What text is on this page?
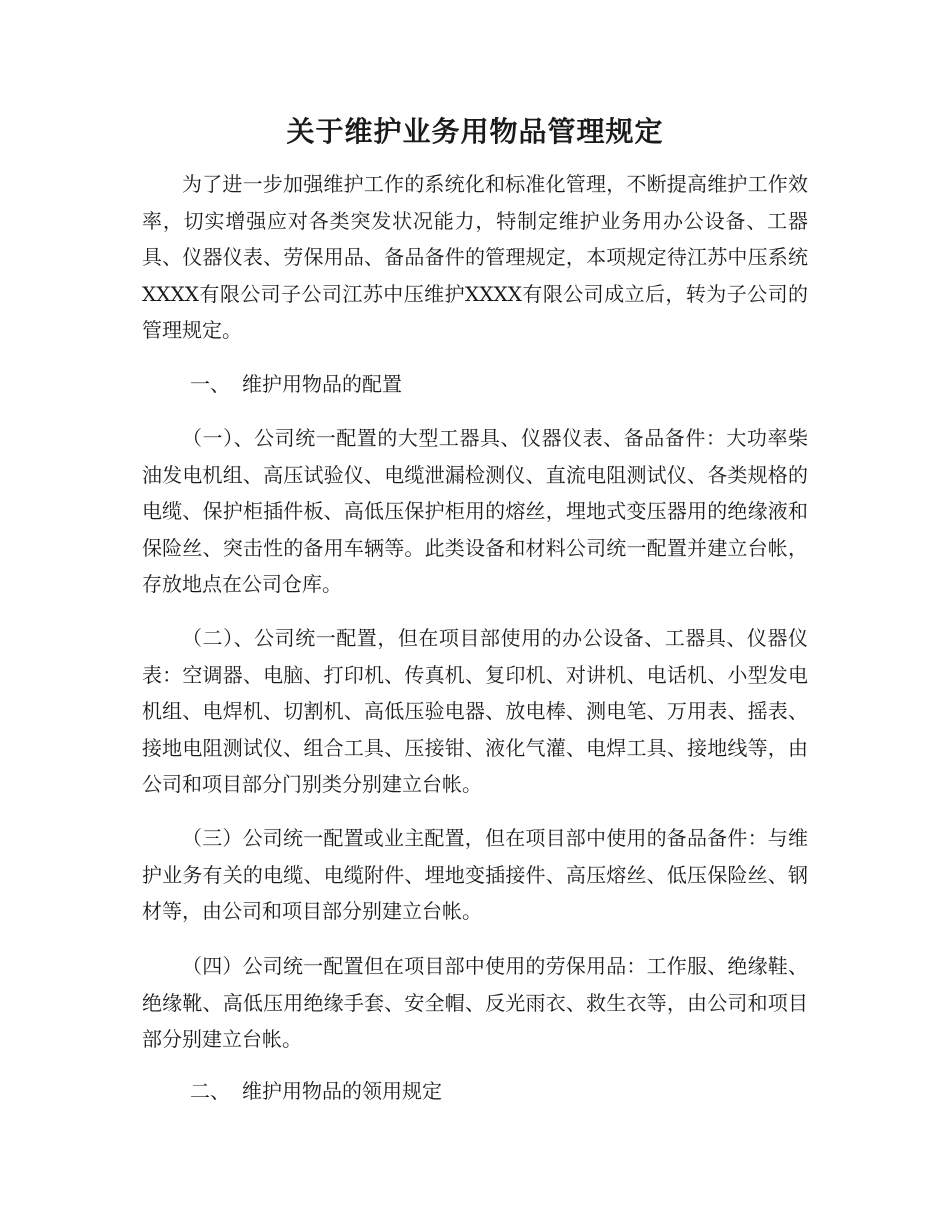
关于维护业务用物品管理规定

为了进一步加强维护工作的系统化和标准化管理，不断提高维护工作效率，切实增强应对各类突发状况能力，特制定维护业务用办公设备、工器具、仪器仪表、劳保用品、备品备件的管理规定，本项规定待江苏中压系统XXXX有限公司子公司江苏中压维护XXXX有限公司成立后，转为子公司的管理规定。

一、 维护用物品的配置

（一）、公司统一配置的大型工器具、仪器仪表、备品备件：大功率柴油发电机组、高压试验仪、电缆泄漏检测仪、直流电阻测试仪、各类规格的电缆、保护柜插件板、高低压保护柜用的熔丝，埋地式变压器用的绝缘液和保险丝、突击性的备用车辆等。此类设备和材料公司统一配置并建立台帐，存放地点在公司仓库。

（二）、公司统一配置，但在项目部使用的办公设备、工器具、仪器仪表：空调器、电脑、打印机、传真机、复印机、对讲机、电话机、小型发电机组、电焊机、切割机、高低压验电器、放电棒、测电笔、万用表、摇表、接地电阻测试仪、组合工具、压接钳、液化气灌、电焊工具、接地线等，由公司和项目部分门别类分别建立台帐。

（三）公司统一配置或业主配置，但在项目部中使用的备品备件：与维护业务有关的电缆、电缆附件、埋地变插接件、高压熔丝、低压保险丝、钢材等，由公司和项目部分别建立台帐。

（四）公司统一配置但在项目部中使用的劳保用品：工作服、绝缘鞋、绝缘靴、高低压用绝缘手套、安全帽、反光雨衣、救生衣等，由公司和项目部分别建立台帐。

二、 维护用物品的领用规定
